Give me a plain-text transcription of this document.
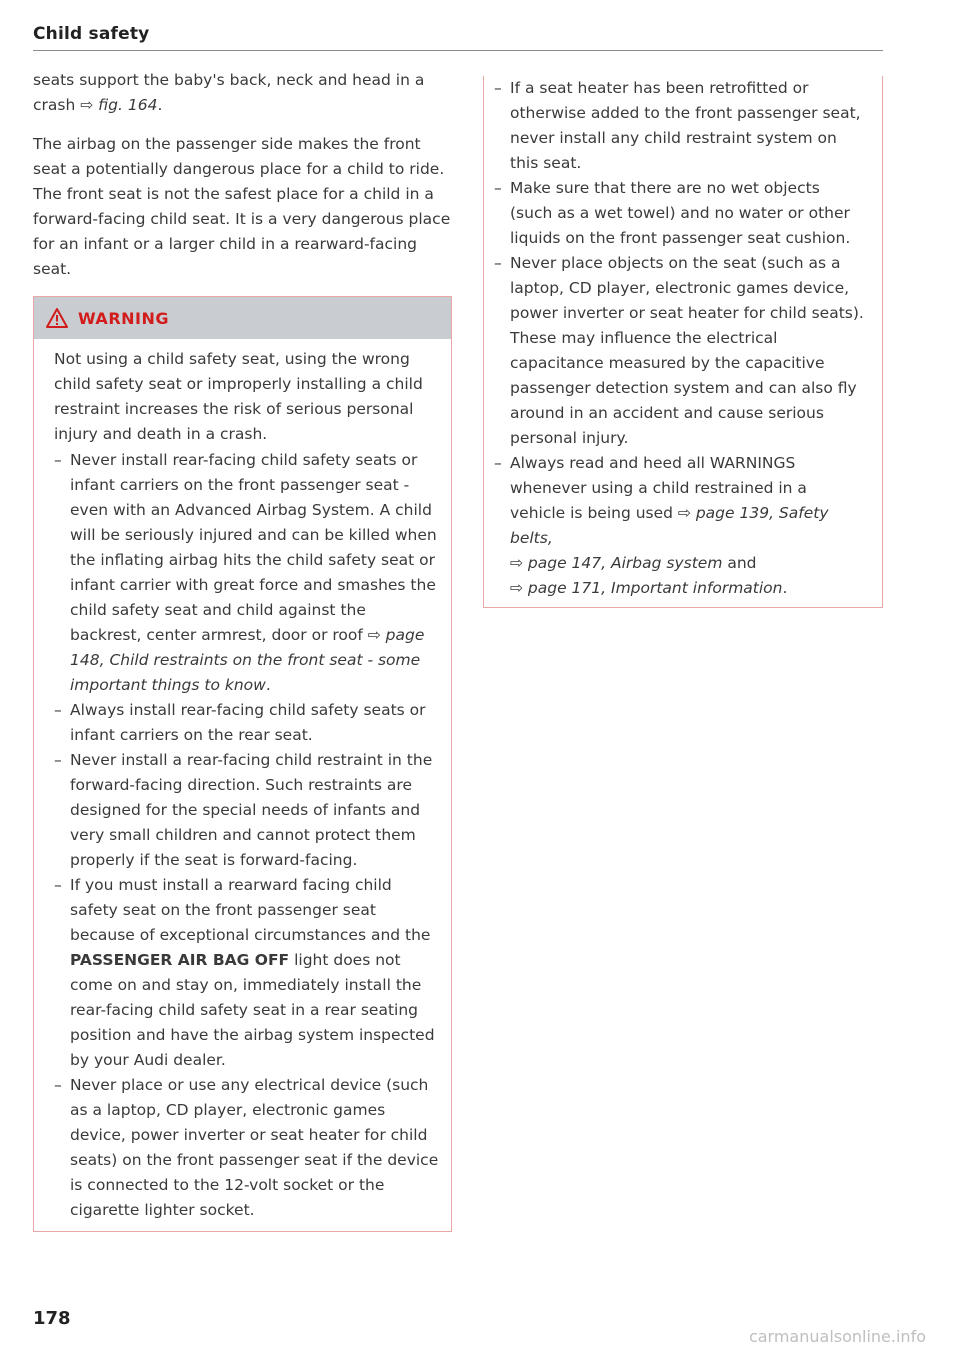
Child safety

seats support the baby's back, neck and head in a crash ⇨ fig. 164.

The airbag on the passenger side makes the front seat a potentially dangerous place for a child to ride. The front seat is not the safest place for a child in a forward-facing child seat. It is a very dangerous place for an infant or a larger child in a rearward-facing seat.

WARNING

Not using a child safety seat, using the wrong child safety seat or improperly installing a child restraint increases the risk of serious personal injury and death in a crash.

– Never install rear-facing child safety seats or infant carriers on the front passenger seat - even with an Advanced Airbag System. A child will be seriously injured and can be killed when the inflating airbag hits the child safety seat or infant carrier with great force and smashes the child safety seat and child against the backrest, center armrest, door or roof ⇨ page 148, Child restraints on the front seat - some important things to know.
– Always install rear-facing child safety seats or infant carriers on the rear seat.
– Never install a rear-facing child restraint in the forward-facing direction. Such restraints are designed for the special needs of infants and very small children and cannot protect them properly if the seat is forward-facing.
– If you must install a rearward facing child safety seat on the front passenger seat because of exceptional circumstances and the PASSENGER AIR BAG OFF light does not come on and stay on, immediately install the rear-facing child safety seat in a rear seating position and have the airbag system inspected by your Audi dealer.
– Never place or use any electrical device (such as a laptop, CD player, electronic games device, power inverter or seat heater for child seats) on the front passenger seat if the device is connected to the 12-volt socket or the cigarette lighter socket.
– If a seat heater has been retrofitted or otherwise added to the front passenger seat, never install any child restraint system on this seat.
– Make sure that there are no wet objects (such as a wet towel) and no water or other liquids on the front passenger seat cushion.
– Never place objects on the seat (such as a laptop, CD player, electronic games device, power inverter or seat heater for child seats). These may influence the electrical capacitance measured by the capacitive passenger detection system and can also fly around in an accident and cause serious personal injury.
– Always read and heed all WARNINGS whenever using a child restrained in a vehicle is being used ⇨ page 139, Safety belts,
⇨ page 147, Airbag system and
⇨ page 171, Important information.
178
carmanualsonline.info
